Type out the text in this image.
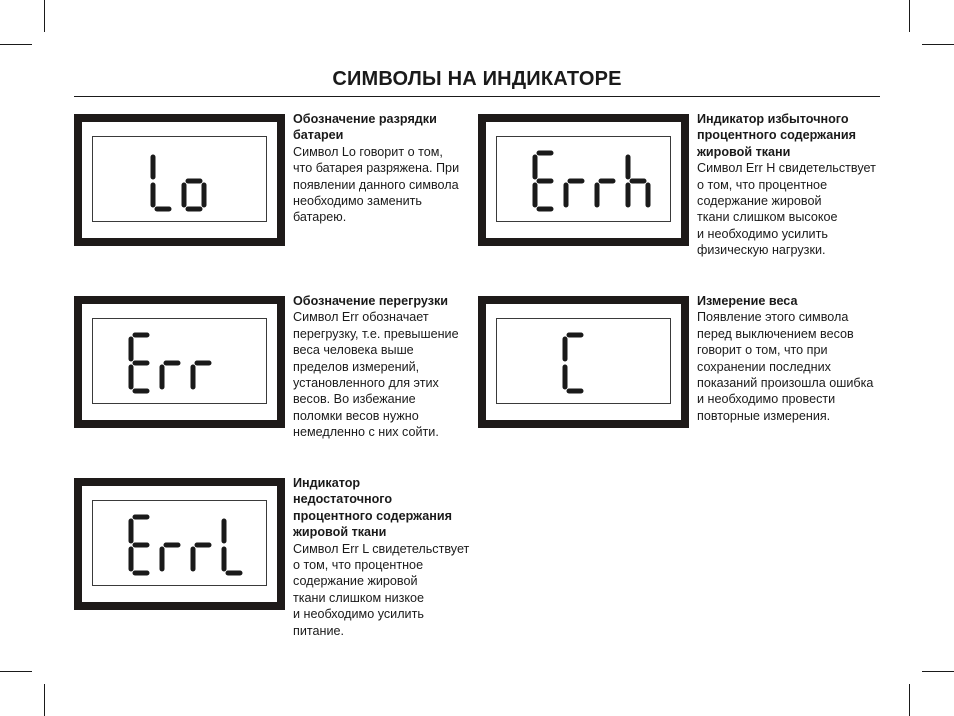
СИМВОЛЫ НА ИНДИКАТОРЕ
Обозначение разрядки
батареи
Символ Lo говорит о том,
что батарея разряжена. При
появлении данного символа
необходимо заменить
батарею.
Индикатор избыточного
процентного содержания
жировой ткани
Символ Err H свидетельствует
о том, что процентное
содержание жировой
ткани слишком высокое
и необходимо усилить
физическую нагрузки.
Обозначение перегрузки
Символ Err обозначает
перегрузку, т.е. превышение
веса человека выше
пределов измерений,
установленного для этих
весов. Во избежание
поломки весов нужно
немедленно с них сойти.
Измерение веса
Появление этого символа
перед выключением весов
говорит о том, что при
сохранении последних
показаний произошла ошибка
и необходимо провести
повторные измерения.
Индикатор
недостаточного
процентного содержания
жировой ткани
Символ Err L свидетельствует
о том, что процентное
содержание жировой
ткани слишком низкое
и необходимо усилить
питание.
